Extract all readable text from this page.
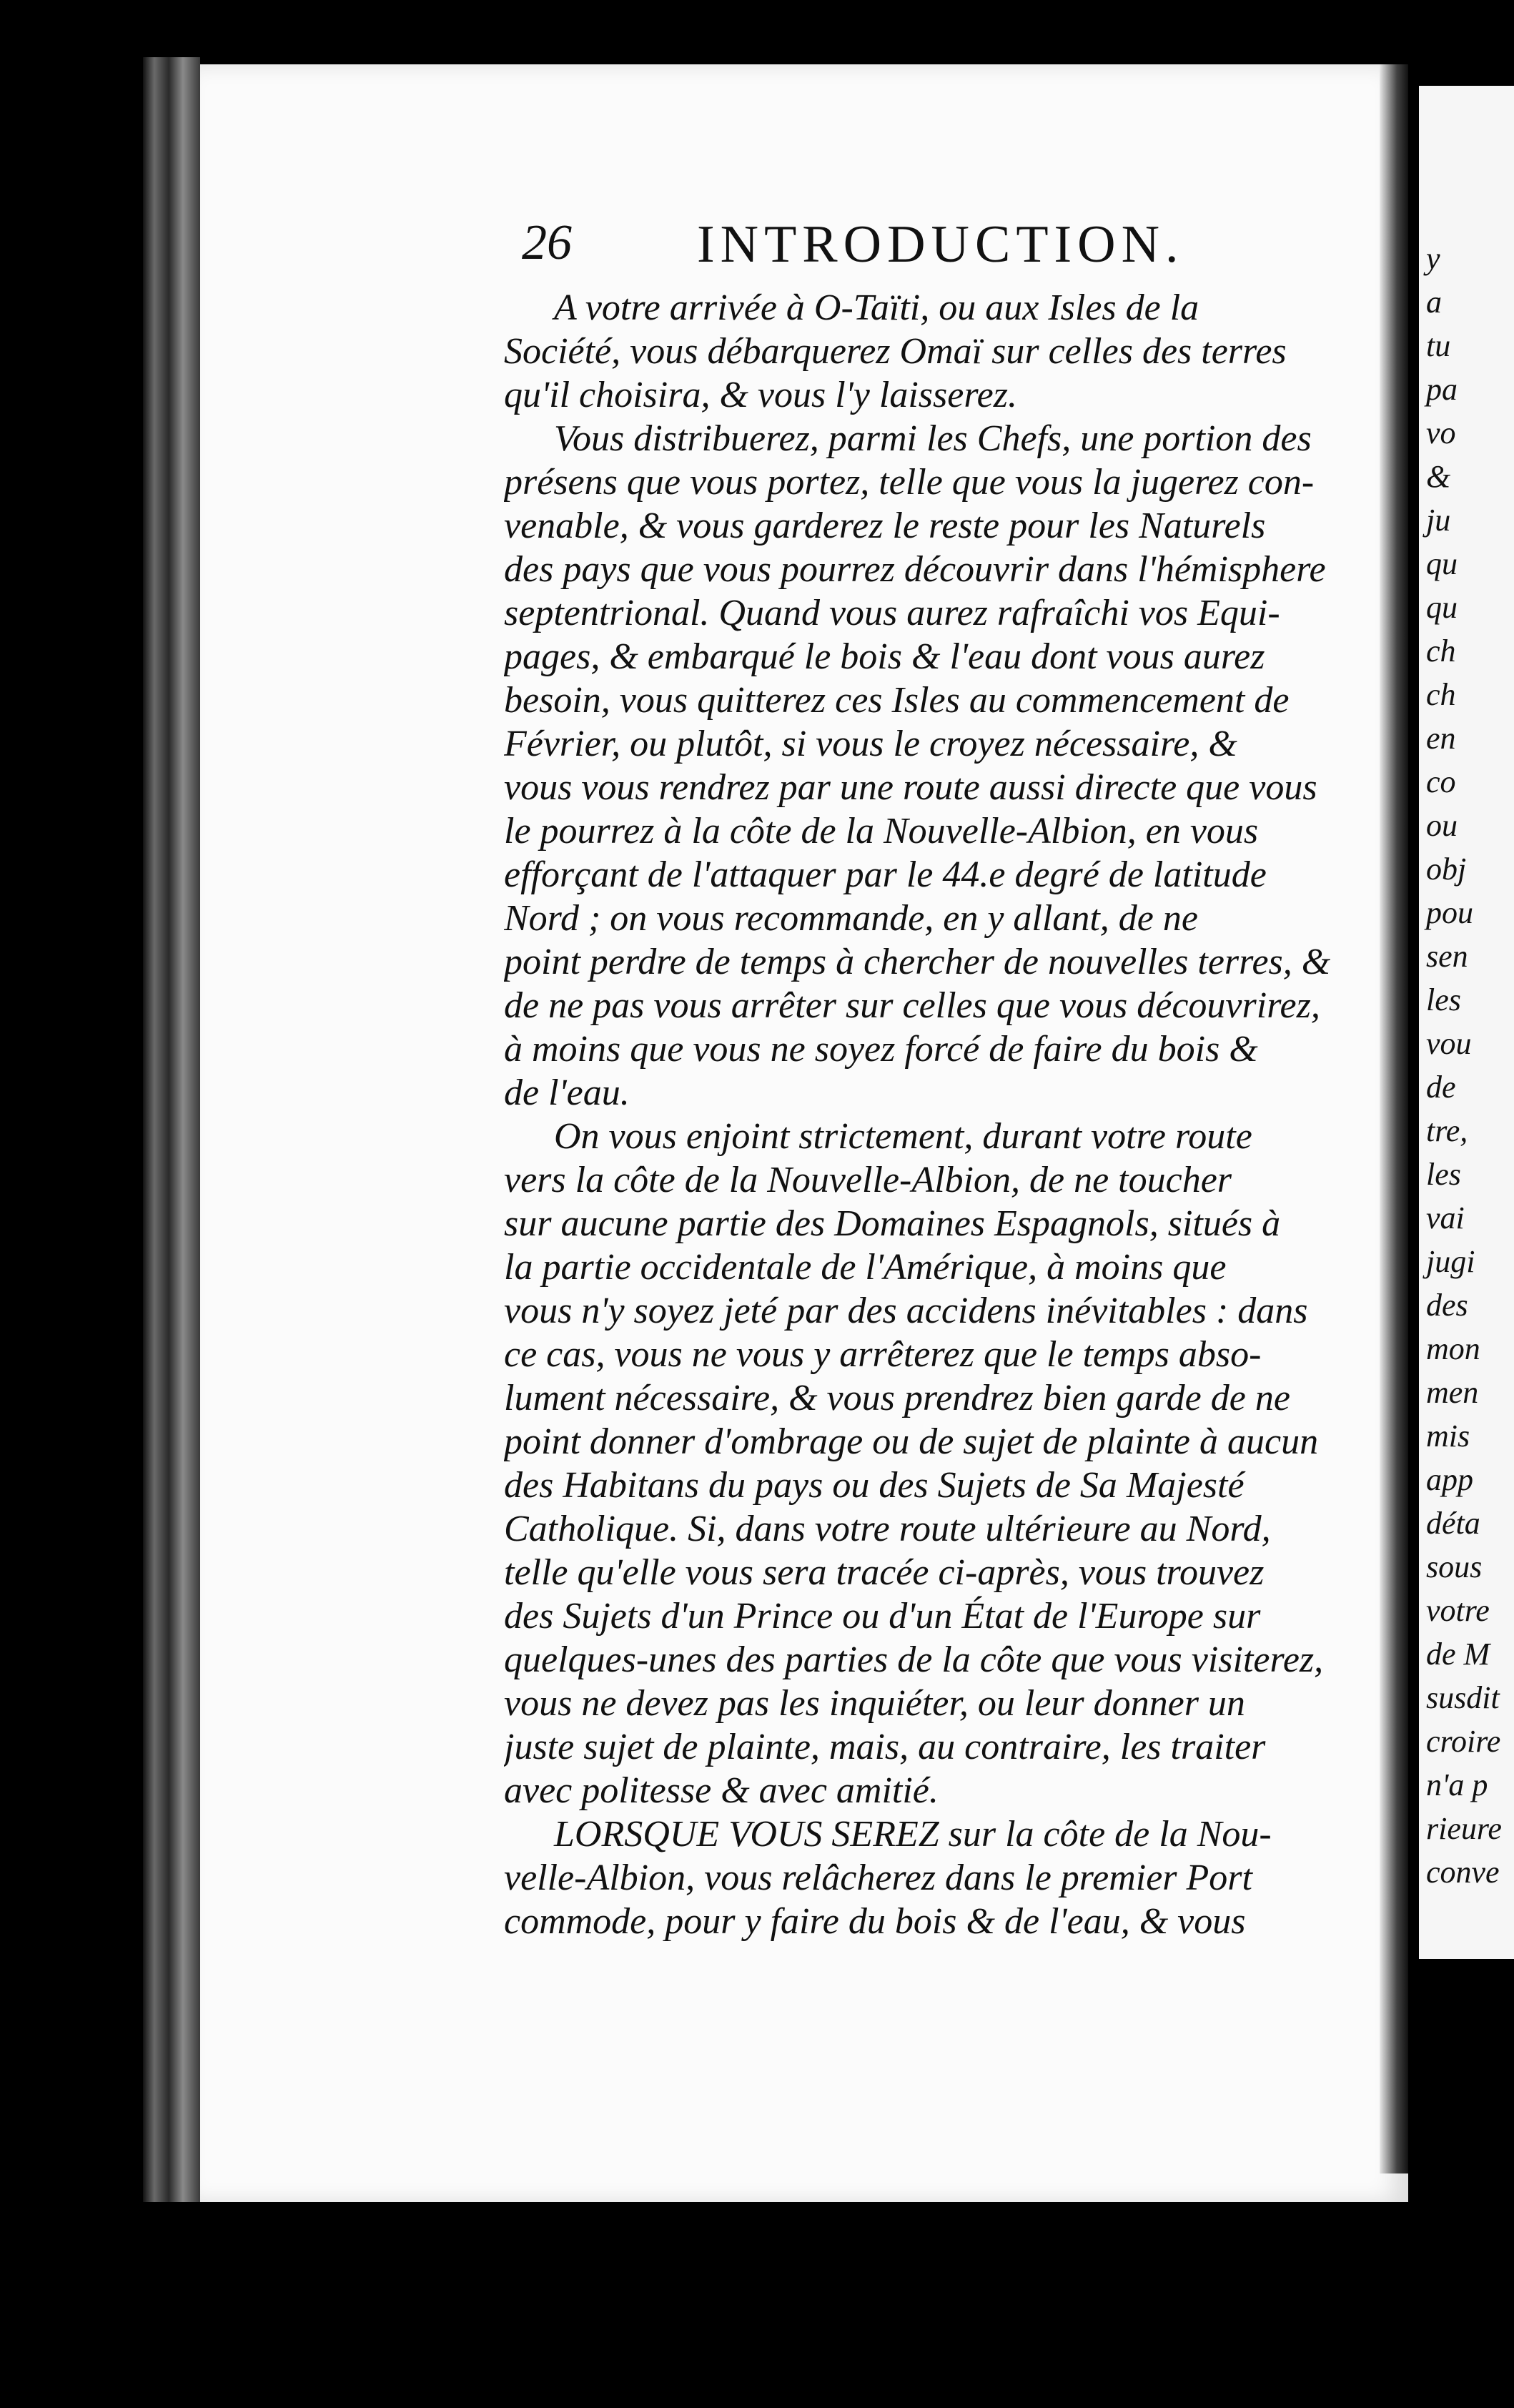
26 INTRODUCTION.
A votre arrivée à O-Taïti, ou aux Isles de la
Société, vous débarquerez Omaï sur celles des terres
qu'il choisira, & vous l'y laisserez.
Vous distribuerez, parmi les Chefs, une portion des
présens que vous portez, telle que vous la jugerez con-
venable, & vous garderez le reste pour les Naturels
des pays que vous pourrez découvrir dans l'hémisphere
septentrional. Quand vous aurez rafraîchi vos Equi-
pages, & embarqué le bois & l'eau dont vous aurez
besoin, vous quitterez ces Isles au commencement de
Février, ou plutôt, si vous le croyez nécessaire, &
vous vous rendrez par une route aussi directe que vous
le pourrez à la côte de la Nouvelle-Albion, en vous
efforçant de l'attaquer par le 44.e degré de latitude
Nord ; on vous recommande, en y allant, de ne
point perdre de temps à chercher de nouvelles terres, &
de ne pas vous arrêter sur celles que vous découvrirez,
à moins que vous ne soyez forcé de faire du bois &
de l'eau.
On vous enjoint strictement, durant votre route
vers la côte de la Nouvelle-Albion, de ne toucher
sur aucune partie des Domaines Espagnols, situés à
la partie occidentale de l'Amérique, à moins que
vous n'y soyez jeté par des accidens inévitables : dans
ce cas, vous ne vous y arrêterez que le temps abso-
lument nécessaire, & vous prendrez bien garde de ne
point donner d'ombrage ou de sujet de plainte à aucun
des Habitans du pays ou des Sujets de Sa Majesté
Catholique. Si, dans votre route ultérieure au Nord,
telle qu'elle vous sera tracée ci-après, vous trouvez
des Sujets d'un Prince ou d'un État de l'Europe sur
quelques-unes des parties de la côte que vous visiterez,
vous ne devez pas les inquiéter, ou leur donner un
juste sujet de plainte, mais, au contraire, les traiter
avec politesse & avec amitié.
LORSQUE VOUS SEREZ sur la côte de la Nou-
velle-Albion, vous relâcherez dans le premier Port
commode, pour y faire du bois & de l'eau, & vous
y
a
tu
pa
vo
&
ju
qu
qu
ch
ch
en
co
ou
obj
pou
sen
les
vou
de
tre,
les
vai
jugi
des
mon
men
mis
app
déta
sous
votre
de M
susdit
croire
n'a p
rieure
conve
